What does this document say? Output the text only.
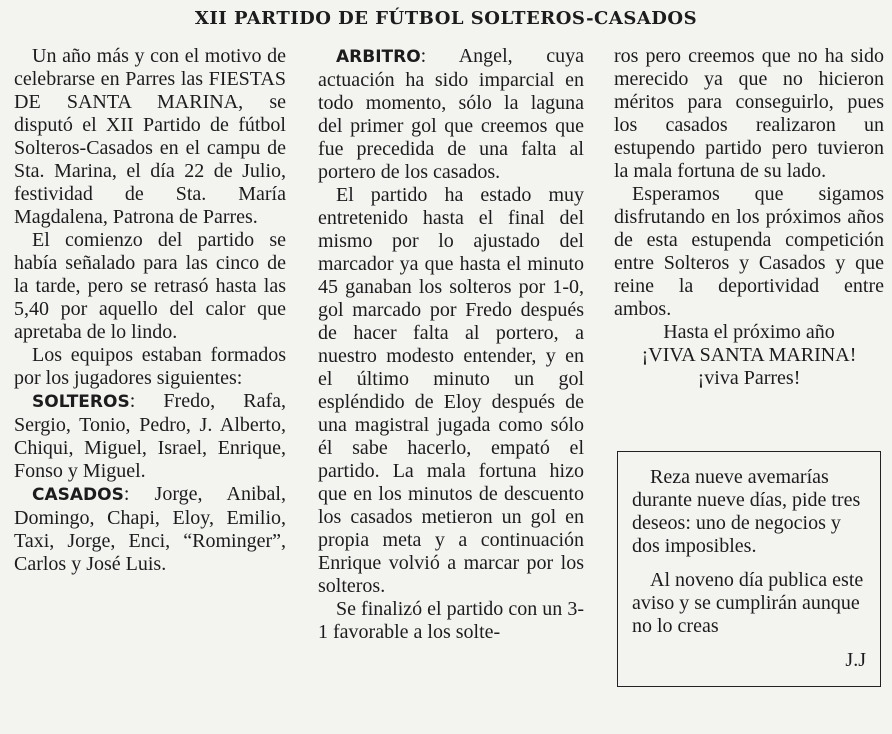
XII PARTIDO DE FÚTBOL SOLTEROS-CASADOS

Un año más y con el motivo de celebrarse en Parres las FIESTAS DE SANTA MARINA, se disputó el XII Partido de fútbol Solteros-Casados en el campu de Sta. Marina, el día 22 de Julio, festividad de Sta. María Magdalena, Patrona de Parres.

El comienzo del partido se había señalado para las cinco de la tarde, pero se retrasó hasta las 5,40 por aquello del calor que apretaba de lo lindo.

Los equipos estaban formados por los jugadores siguientes:

SOLTEROS: Fredo, Rafa, Sergio, Tonio, Pedro, J. Alberto, Chiqui, Miguel, Israel, Enrique, Fonso y Miguel.

CASADOS: Jorge, Anibal, Domingo, Chapi, Eloy, Emilio, Taxi, Jorge, Enci, “Rominger”, Carlos y José Luis.

ARBITRO: Angel, cuya actuación ha sido imparcial en todo momento, sólo la laguna del primer gol que creemos que fue precedida de una falta al portero de los casados.

El partido ha estado muy entretenido hasta el final del mismo por lo ajustado del marcador ya que hasta el minuto 45 ganaban los solteros por 1-0, gol marcado por Fredo después de hacer falta al portero, a nuestro modesto entender, y en el último minuto un gol espléndido de Eloy después de una magistral jugada como sólo él sabe hacerlo, empató el partido. La mala fortuna hizo que en los minutos de descuento los casados metieron un gol en propia meta y a continuación Enrique volvió a marcar por los solteros.

Se finalizó el partido con un 3-1 favorable a los solte-

ros pero creemos que no ha sido merecido ya que no hicieron méritos para conseguirlo, pues los casados realizaron un estupendo partido pero tuvieron la mala fortuna de su lado.

Esperamos que sigamos disfrutando en los próximos años de esta estupenda competición entre Solteros y Casados y que reine la deportividad entre ambos.

Hasta el próximo año

¡VIVA SANTA MARINA!

¡viva Parres!

Reza nueve avemarías durante nueve días, pide tres deseos: uno de negocios y dos imposibles.

Al noveno día publica este aviso y se cumplirán aunque no lo creas

J.J
